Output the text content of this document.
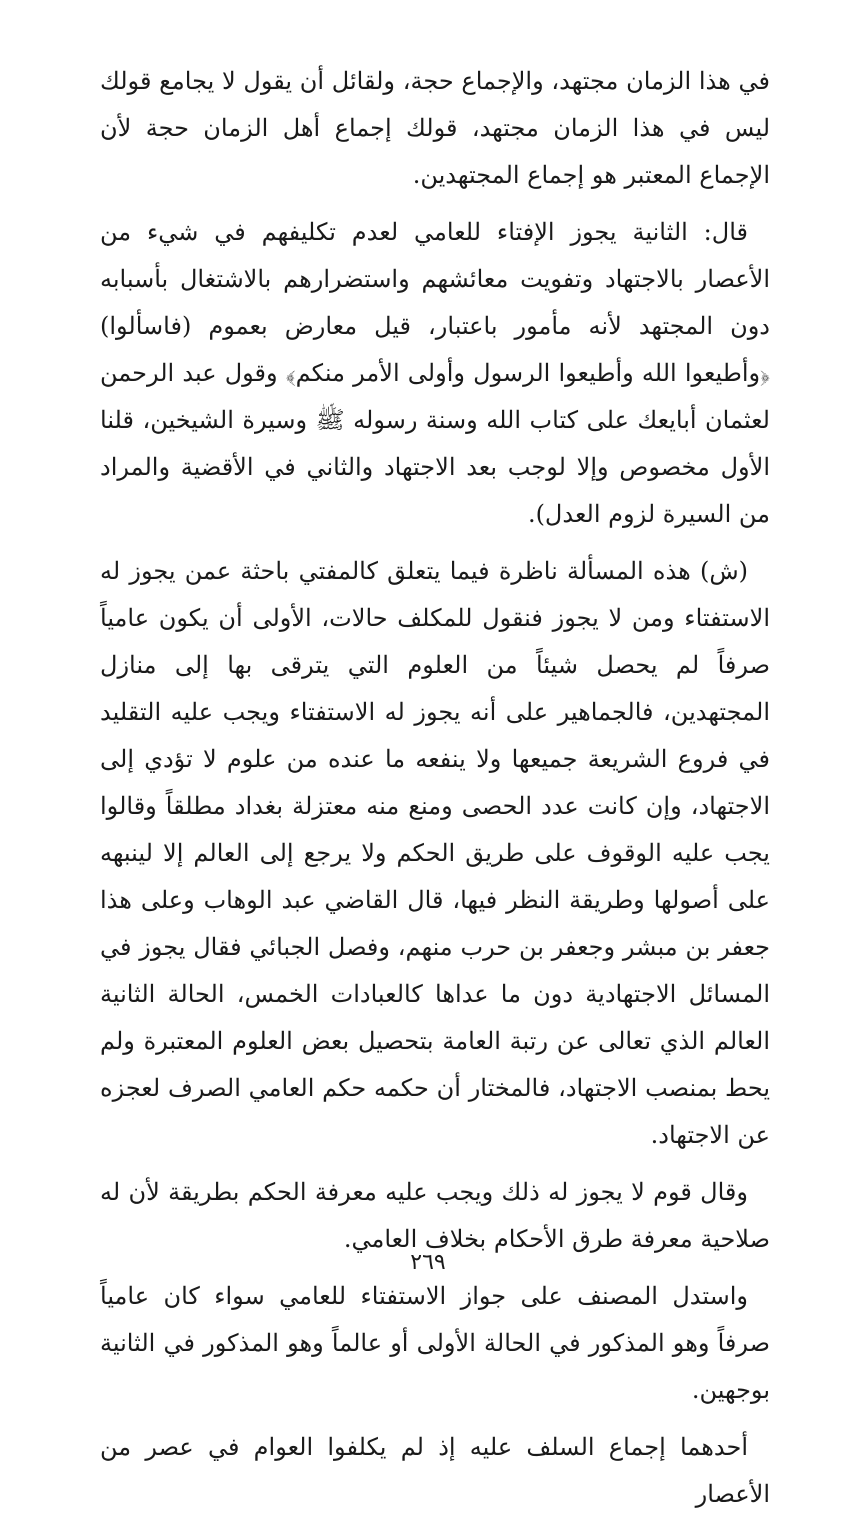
في هذا الزمان مجتهد، والإجماع حجة، ولقائل أن يقول لا يجامع قولك ليس في هذا الزمان مجتهد، قولك إجماع أهل الزمان حجة لأن الإجماع المعتبر هو إجماع المجتهدين.

قال: الثانية يجوز الإفتاء للعامي لعدم تكليفهم في شيء من الأعصار بالاجتهاد وتفويت معائشهم واستضرارهم بالاشتغال بأسبابه دون المجتهد لأنه مأمور باعتبار، قيل معارض بعموم (فاسألوا) ﴿وأطيعوا الله وأطيعوا الرسول وأولى الأمر منكم﴾ وقول عبد الرحمن لعثمان أبايعك على كتاب الله وسنة رسوله ﷺ وسيرة الشيخين، قلنا الأول مخصوص وإلا لوجب بعد الاجتهاد والثاني في الأقضية والمراد من السيرة لزوم العدل).

(ش) هذه المسألة ناظرة فيما يتعلق كالمفتي باحثة عمن يجوز له الاستفتاء ومن لا يجوز فنقول للمكلف حالات، الأولى أن يكون عامياً صرفاً لم يحصل شيئاً من العلوم التي يترقى بها إلى منازل المجتهدين، فالجماهير على أنه يجوز له الاستفتاء ويجب عليه التقليد في فروع الشريعة جميعها ولا ينفعه ما عنده من علوم لا تؤدي إلى الاجتهاد، وإن كانت عدد الحصى ومنع منه معتزلة بغداد مطلقاً وقالوا يجب عليه الوقوف على طريق الحكم ولا يرجع إلى العالم إلا لينبهه على أصولها وطريقة النظر فيها، قال القاضي عبد الوهاب وعلى هذا جعفر بن مبشر وجعفر بن حرب منهم، وفصل الجبائي فقال يجوز في المسائل الاجتهادية دون ما عداها كالعبادات الخمس، الحالة الثانية العالم الذي تعالى عن رتبة العامة بتحصيل بعض العلوم المعتبرة ولم يحط بمنصب الاجتهاد، فالمختار أن حكمه حكم العامي الصرف لعجزه عن الاجتهاد.

وقال قوم لا يجوز له ذلك ويجب عليه معرفة الحكم بطريقة لأن له صلاحية معرفة طرق الأحكام بخلاف العامي.

واستدل المصنف على جواز الاستفتاء للعامي سواء كان عامياً صرفاً وهو المذكور في الحالة الأولى أو عالماً وهو المذكور في الثانية بوجهين.

أحدهما إجماع السلف عليه إذ لم يكلفوا العوام في عصر من الأعصار

٢٦٩
